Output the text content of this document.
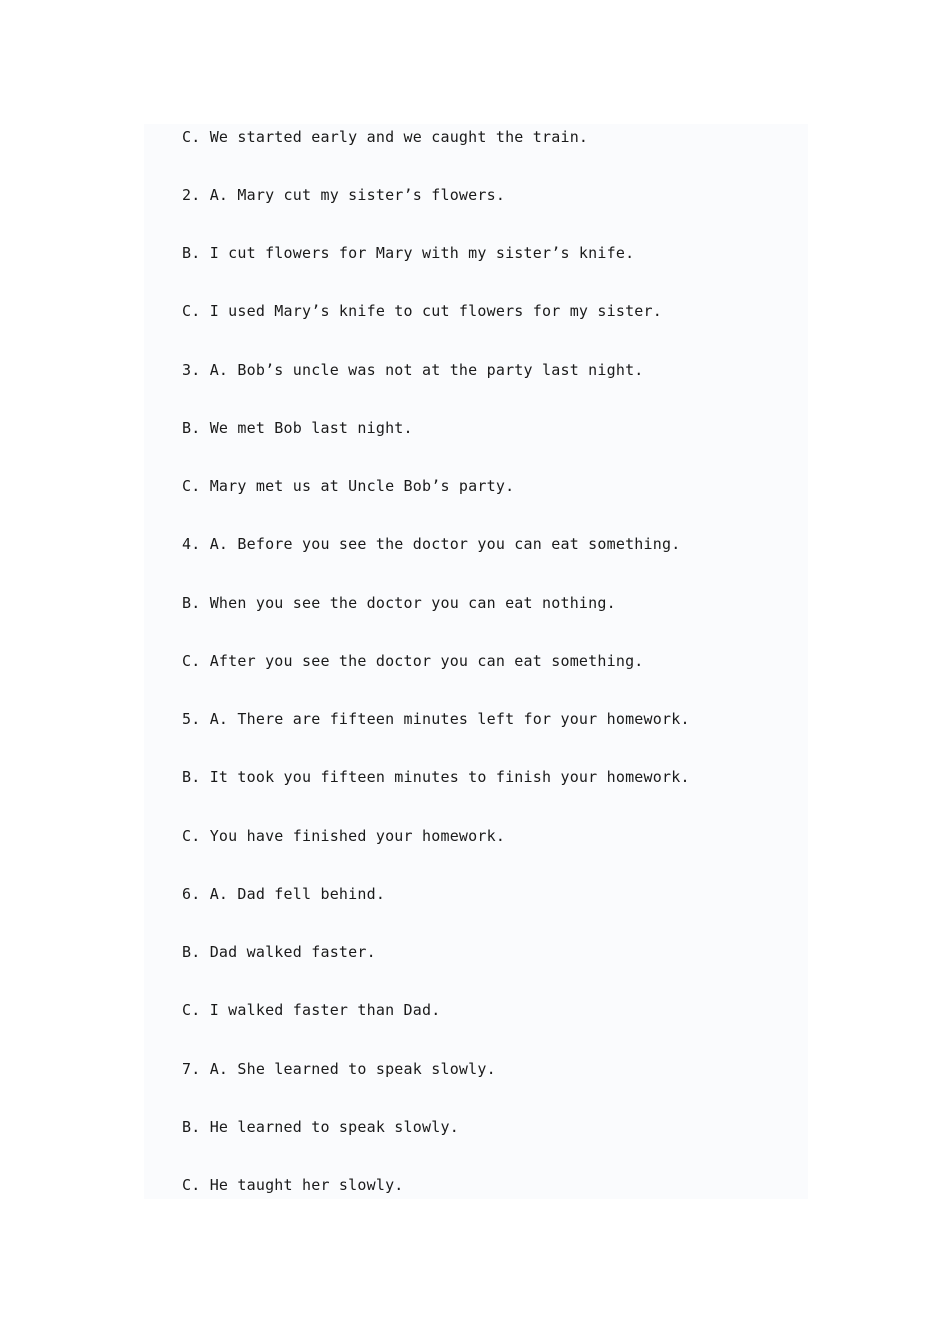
C. We started early and we caught the train.
2. A. Mary cut my sister’s flowers.
B. I cut flowers for Mary with my sister’s knife.
C. I used Mary’s knife to cut flowers for my sister.
3. A. Bob’s uncle was not at the party last night.
B. We met Bob last night.
C. Mary met us at Uncle Bob’s party.
4. A. Before you see the doctor you can eat something.
B. When you see the doctor you can eat nothing.
C. After you see the doctor you can eat something.
5. A. There are fifteen minutes left for your homework.
B. It took you fifteen minutes to finish your homework.
C. You have finished your homework.
6. A. Dad fell behind.
B. Dad walked faster.
C. I walked faster than Dad.
7. A. She learned to speak slowly.
B. He learned to speak slowly.
C. He taught her slowly.
